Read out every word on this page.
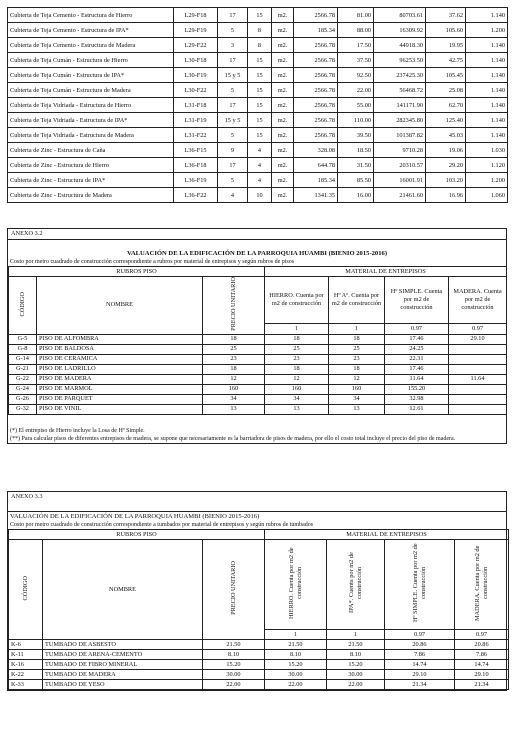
Cubierta de Teja Cemento - Estructura de Hierro	L29-F18	17	15	m2.	2566.78	81.00	80703.61	37.62	1.140
Cubierta de Teja Cemento - Estructura de IPA*	L29-F19	5	8	m2.	185.34	88.00	16309.92	105.60	1.200
Cubierta de Teja Cemento - Estructura de Madera	L29-F22	3	8	m2.	2566.78	17.50	44918.30	19.95	1.140
Cubierta de Teja Cumán - Estructura de Hierro	L30-F18	17	15	m2.	2566.78	37.50	96253.50	42.75	1.140
Cubierta de Teja Cumán - Estructura de IPA*	L30-F19	15 y 5	15	m2.	2566.78	92.50	237425.30	105.45	1.140
Cubierta de Teja Cumán - Estructura de Madera	L30-F22	5	15	m2.	2566.78	22.00	56468.72	25.08	1.140
Cubierta de Teja Vidriada - Estructura de Hierro	L31-F18	17	15	m2.	2566.78	55.00	141171.90	62.70	1.140
Cubierta de Teja Vidriada - Estructura de IPA*	L31-F19	15 y 5	15	m2.	2566.78	110.00	282345.80	125.40	1.140
Cubierta de Teja Vidriada - Estructura de Madera	L31-F22	5	15	m2.	2566.78	39.50	101387.82	45.03	1.140
Cubierta de Zinc - Estructura de Caña	L36-F15	9	4	m2.	328.08	18.50	9710.28	19.06	1.030
Cubierta de Zinc - Estructura de Hierro	L36-F18	17	4	m2.	644.78	31.50	20310.57	29.20	1.120
Cubierta de Zinc - Estructura de IPA*	L36-F19	5	4	m2.	185.34	85.50	16001.91	103.20	1.200
Cubierta de Zinc - Estructura de Madera	L36-F22	4	10	m2.	1341.35	16.00	21461.60	16.96	1.060
ANEXO 3.2
VALUACIÓN DE LA EDIFICACIÓN DE LA PARROQUIA HUAMBI (BIENIO 2015-2016)
Costo por metro cuadrado de construcción correspondiente a rubros por material de entrepisos y según rubros de pisos
RUBROS PISO			MATERIAL DE ENTREPISOS			
CÓDIGO	NOMBRE	PRECIO UNITARIO	HIERRO. Cuenta por m2 de construcción	Hº Aº. Cuenta por m2 de construcción	Hº SIMPLE. Cuenta por m2 de construcción	MADERA. Cuenta por m2 de construcción
			1	1	0.97	0.97
G-5	PISO DE ALFOMBRA	18	18	18	17.46	29.10
G-8	PISO DE BALDOSA	25	25	25	24.25	
G-14	PISO DE CERAMICA	23	23	23	22.31	
G-21	PISO DE LADRILLO	18	18	18	17.46	
G-22	PISO DE MADERA	12	12	12	11.64	11.64
G-24	PISO DE MARMOL	160	160	160	155.20	
G-26	PISO DE PARQUET	34	34	34	32.98	
G-32	PISO DE VINIL	13	13	13	12.61	
(*) El entrepiso de Hierro incluye la Losa de Hº Simple.
(**) Para calcular pisos de diferentes entrepisos de madera, se supone que necesariamente es la barriadora de pisos de madera, por ello el costo total incluye el precio del piso de madera.
ANEXO 3.3
VALUACIÓN DE LA EDIFICACIÓN DE LA PARROQUIA HUAMBI (BIENIO 2015-2016)
Costo por metro cuadrado de construcción correspondiente a tumbados por material de entrepisos y según rubros de tumbados
RUBROS PISO			MATERIAL DE ENTREPISOS			
CÓDIGO	NOMBRE	PRECIO UNITARIO	HIERRO. Cuenta por m2 de construcción	IPA*. Cuenta por m2 de construcción	Hº SIMPLE. Cuenta por m2 de construcción	MADERA. Cuenta por m2 de construcción
			1	1	0.97	0.97
K-6	TUMBADO DE ASBESTO	21.50	21.50	21.50	20.86	20.86
K-11	TUMBADO DE ARENA-CEMENTO	8.10	8.10	8.10	7.86	7.86
K-16	TUMBADO DE FIBRO MINERAL	15.20	15.20	15.20	14.74	14.74
K-22	TUMBADO DE MADERA	30.00	30.00	30.00	29.10	29.10
K-33	TUMBADO DE YESO	22.00	22.00	22.00	21.34	21.34
